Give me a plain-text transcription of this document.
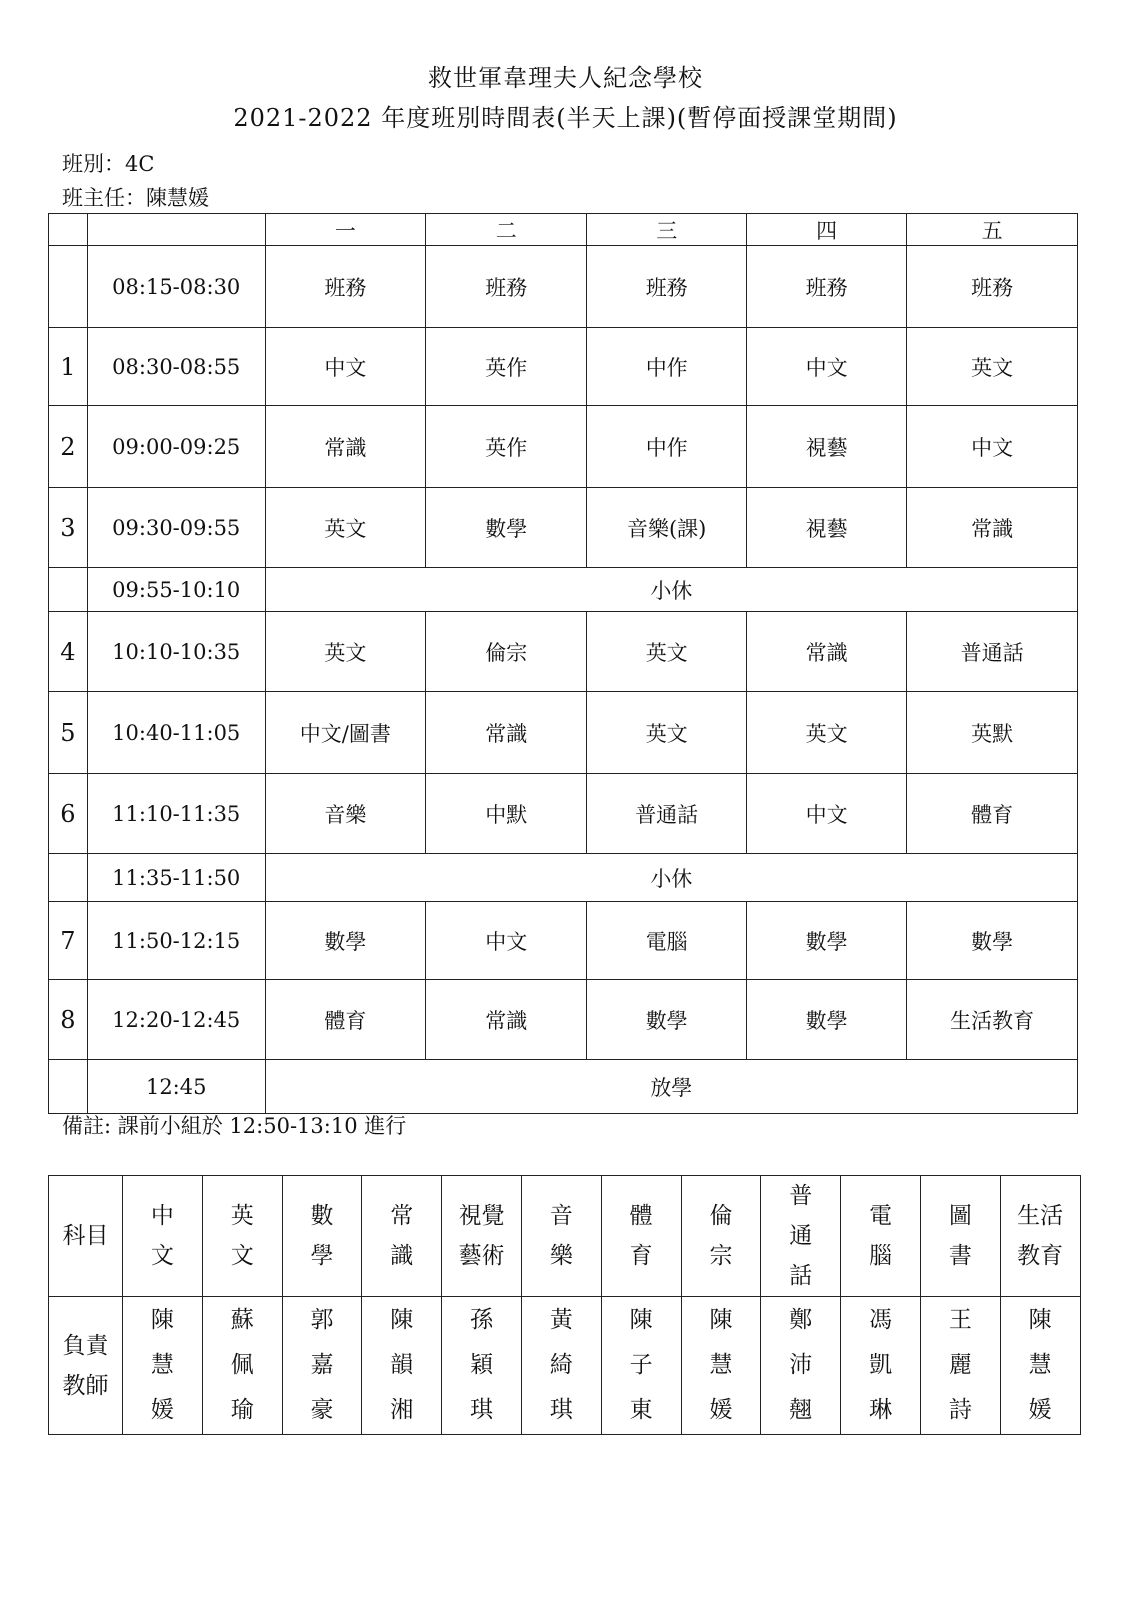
救世軍韋理夫人紀念學校
2021-2022 年度班別時間表(半天上課)(暫停面授課堂期間)
班別：4C
班主任：陳慧媛
		一	二	三	四	五
	08:15-08:30	班務	班務	班務	班務	班務
1	08:30-08:55	中文	英作	中作	中文	英文
2	09:00-09:25	常識	英作	中作	視藝	中文
3	09:30-09:55	英文	數學	音樂(課)	視藝	常識
	09:55-10:10	小休				
4	10:10-10:35	英文	倫宗	英文	常識	普通話
5	10:40-11:05	中文/圖書	常識	英文	英文	英默
6	11:10-11:35	音樂	中默	普通話	中文	體育
	11:35-11:50	小休				
7	11:50-12:15	數學	中文	電腦	數學	數學
8	12:20-12:45	體育	常識	數學	數學	生活教育
	12:45	放學				
備註: 課前小組於 12:50-13:10 進行
科目	中文	英文	數學	常識	視覺藝術	音樂	體育	倫宗	普通話	電腦	圖書	生活教育
負責教師	陳慧媛	蘇佩瑜	郭嘉豪	陳韻湘	孫穎琪	黃綺琪	陳子東	陳慧媛	鄭沛翹	馮凱琳	王麗詩	陳慧媛
